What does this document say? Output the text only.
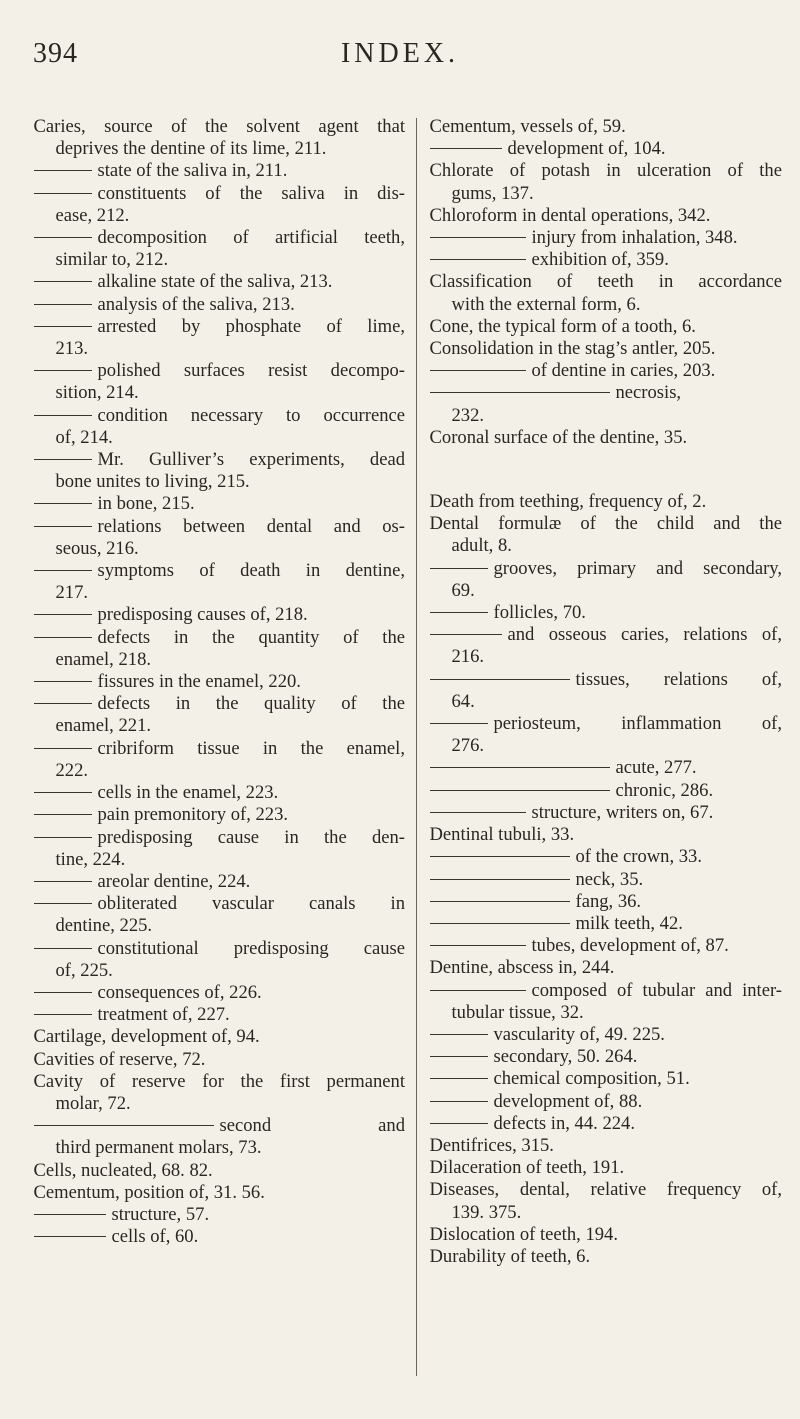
INDEX.
394
Caries, source of the solvent agent that
deprives the dentine of its lime, 211.
state of the saliva in, 211.
constituents of the saliva in dis-
ease, 212.
decomposition of artificial teeth,
similar to, 212.
alkaline state of the saliva, 213.
analysis of the saliva, 213.
arrested by phosphate of lime,
213.
polished surfaces resist decompo-
sition, 214.
condition necessary to occurrence
of, 214.
Mr. Gulliver’s experiments, dead
bone unites to living, 215.
in bone, 215.
relations between dental and os-
seous, 216.
symptoms of death in dentine,
217.
predisposing causes of, 218.
defects in the quantity of the
enamel, 218.
fissures in the enamel, 220.
defects in the quality of the
enamel, 221.
cribriform tissue in the enamel,
222.
cells in the enamel, 223.
pain premonitory of, 223.
predisposing cause in the den-
tine, 224.
areolar dentine, 224.
obliterated vascular canals in
dentine, 225.
constitutional predisposing cause
of, 225.
consequences of, 226.
treatment of, 227.
Cartilage, development of, 94.
Cavities of reserve, 72.
Cavity of reserve for the first permanent
molar, 72.
second and
third permanent molars, 73.
Cells, nucleated, 68. 82.
Cementum, position of, 31. 56.
structure, 57.
cells of, 60.
Cementum, vessels of, 59.
development of, 104.
Chlorate of potash in ulceration of the
gums, 137.
Chloroform in dental operations, 342.
injury from inhalation, 348.
exhibition of, 359.
Classification of teeth in accordance
with the external form, 6.
Cone, the typical form of a tooth, 6.
Consolidation in the stag’s antler, 205.
of dentine in caries, 203.
necrosis,
232.
Coronal surface of the dentine, 35.
Death from teething, frequency of, 2.
Dental formulæ of the child and the
adult, 8.
grooves, primary and secondary,
69.
follicles, 70.
and osseous caries, relations of,
216.
tissues, relations of,
64.
periosteum, inflammation of,
276.
acute, 277.
chronic, 286.
structure, writers on, 67.
Dentinal tubuli, 33.
of the crown, 33.
neck, 35.
fang, 36.
milk teeth, 42.
tubes, development of, 87.
Dentine, abscess in, 244.
composed of tubular and inter-
tubular tissue, 32.
vascularity of, 49. 225.
secondary, 50. 264.
chemical composition, 51.
development of, 88.
defects in, 44. 224.
Dentifrices, 315.
Dilaceration of teeth, 191.
Diseases, dental, relative frequency of,
139. 375.
Dislocation of teeth, 194.
Durability of teeth, 6.
